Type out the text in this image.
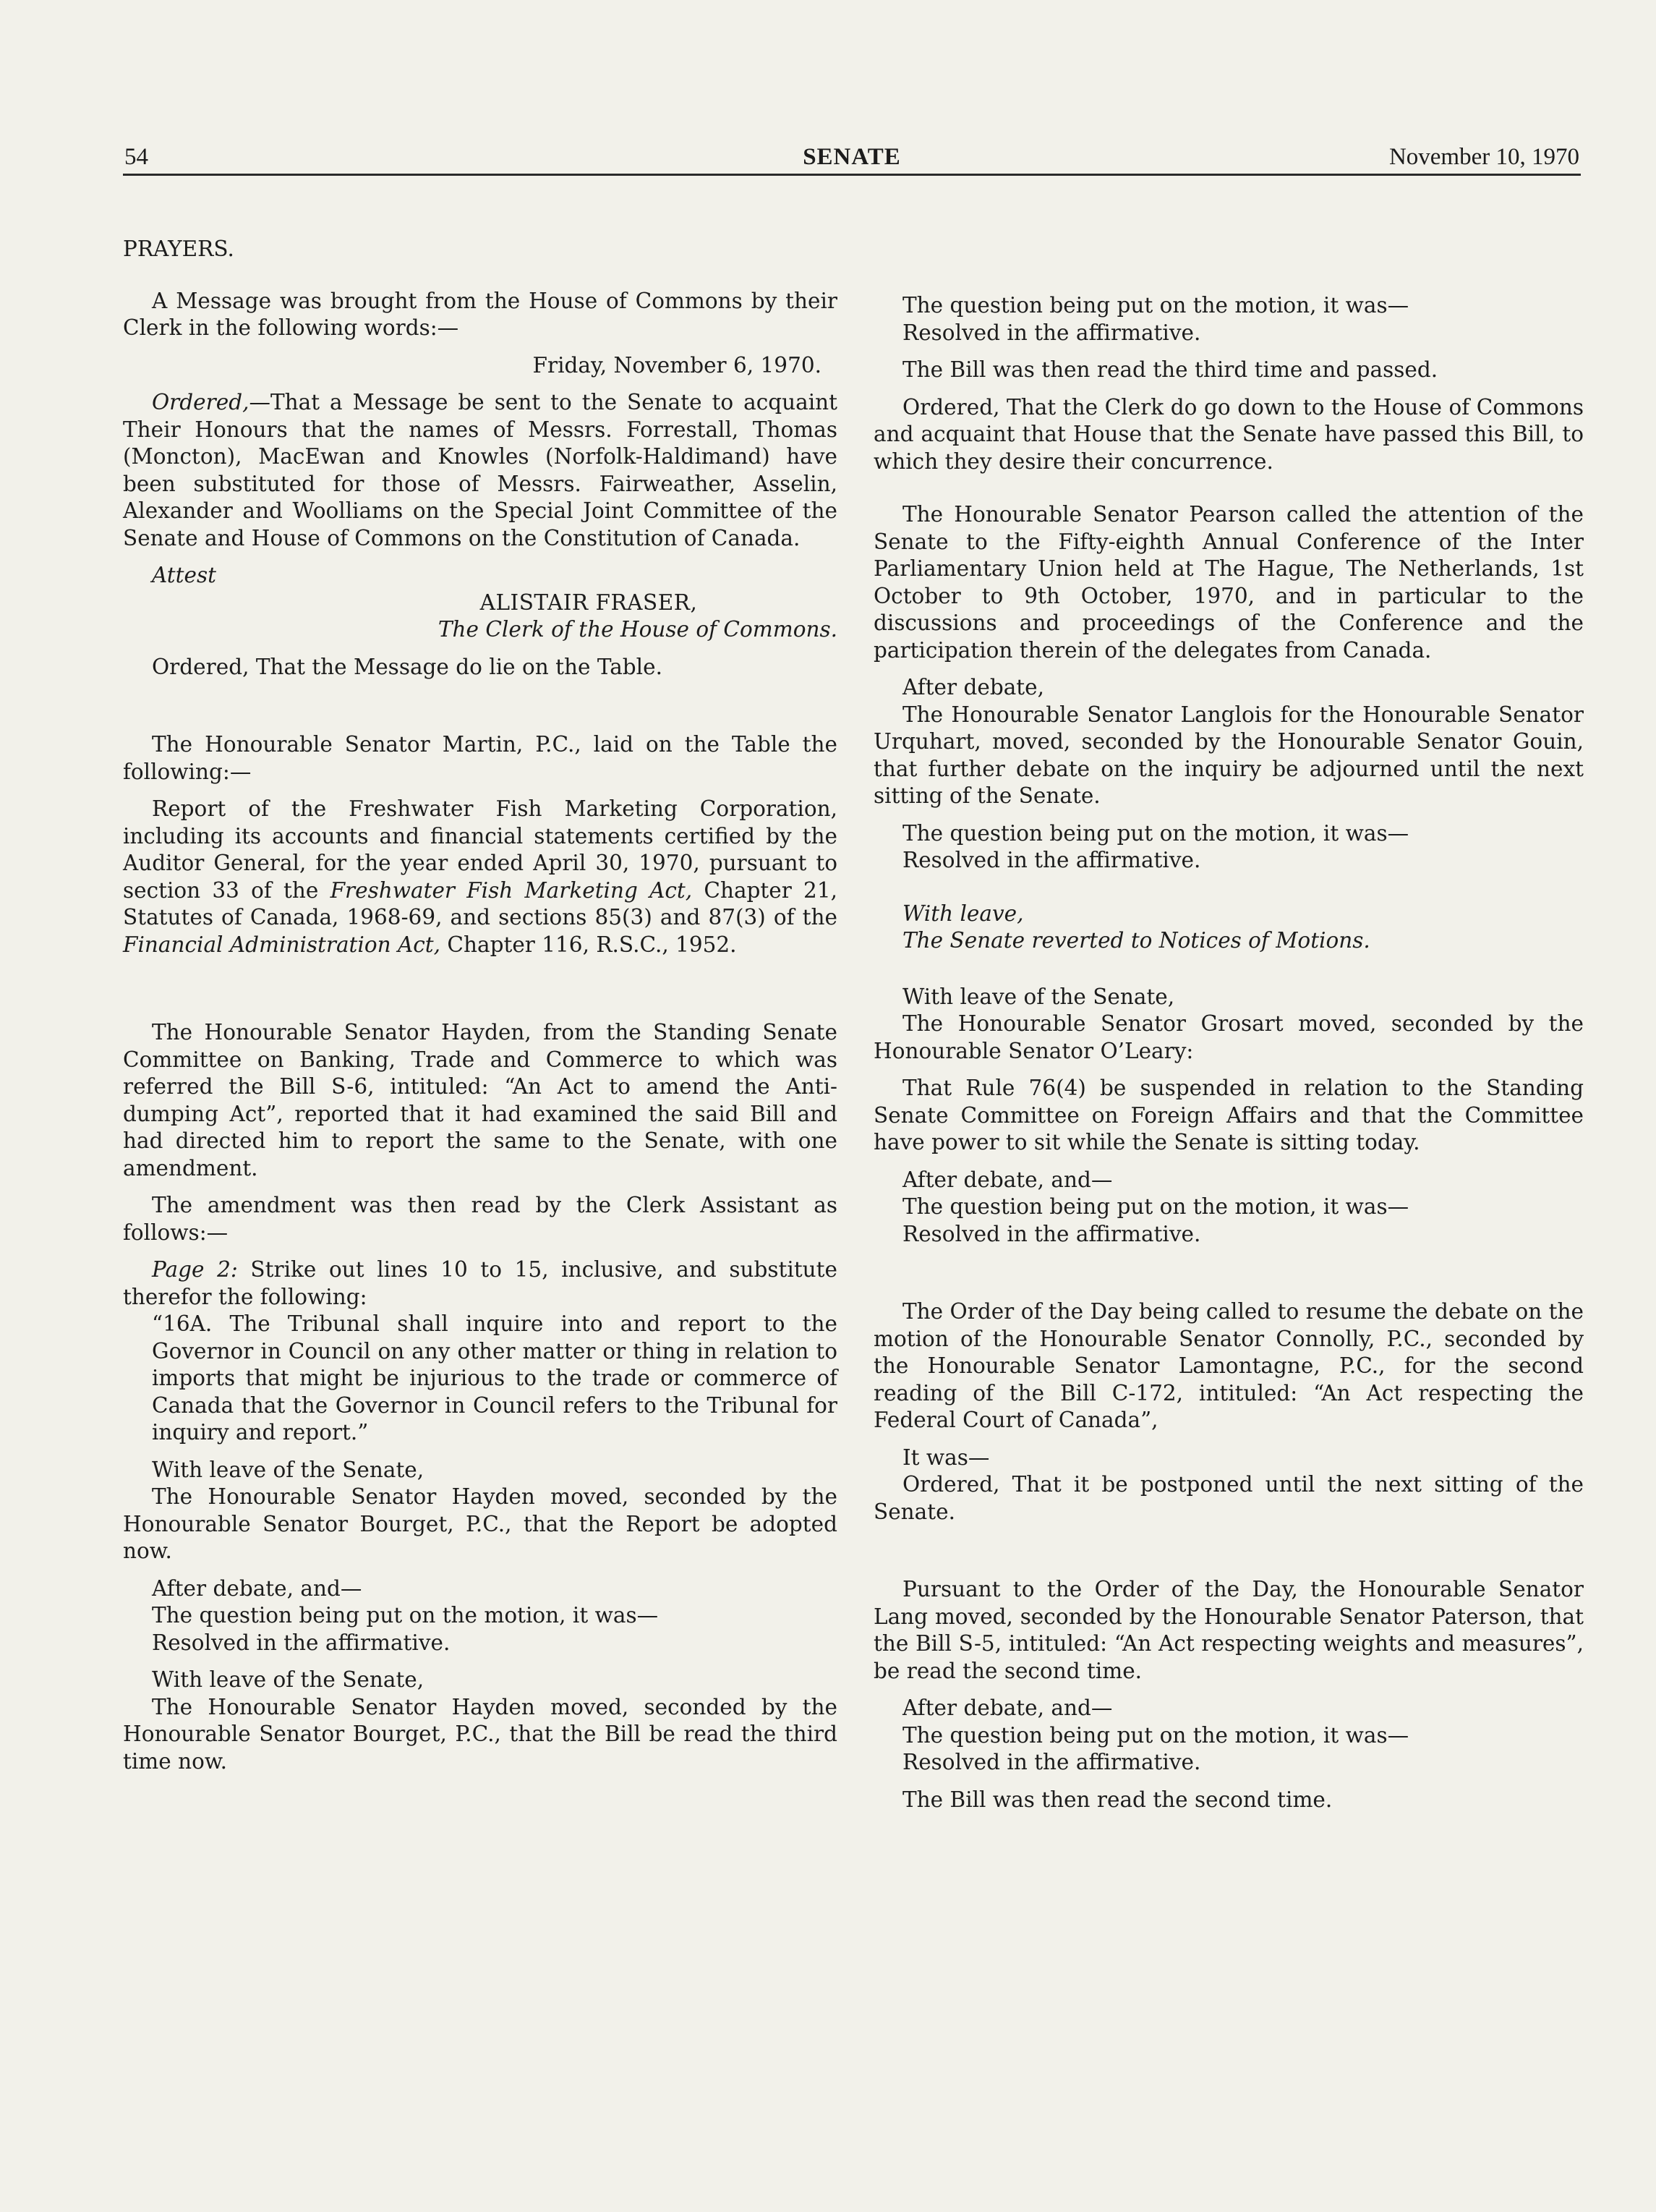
54	SENATE	November 10, 1970

PRAYERS.

A Message was brought from the House of Commons by their Clerk in the following words:—

Friday, November 6, 1970.

Ordered,—That a Message be sent to the Senate to acquaint Their Honours that the names of Messrs. Forrestall, Thomas (Moncton), MacEwan and Knowles (Norfolk-Haldimand) have been substituted for those of Messrs. Fairweather, Asselin, Alexander and Woolliams on the Special Joint Committee of the Senate and House of Commons on the Constitution of Canada.

Attest

ALISTAIR FRASER,

The Clerk of the House of Commons.

Ordered, That the Message do lie on the Table.

The Honourable Senator Martin, P.C., laid on the Table the following:—

Report of the Freshwater Fish Marketing Corporation, including its accounts and financial statements certified by the Auditor General, for the year ended April 30, 1970, pursuant to section 33 of the Freshwater Fish Marketing Act, Chapter 21, Statutes of Canada, 1968-69, and sections 85(3) and 87(3) of the Financial Administration Act, Chapter 116, R.S.C., 1952.

The Honourable Senator Hayden, from the Standing Senate Committee on Banking, Trade and Commerce to which was referred the Bill S-6, intituled: “An Act to amend the Anti-dumping Act”, reported that it had examined the said Bill and had directed him to report the same to the Senate, with one amendment.

The amendment was then read by the Clerk Assistant as follows:—

Page 2: Strike out lines 10 to 15, inclusive, and substitute therefor the following:

“16A. The Tribunal shall inquire into and report to the Governor in Council on any other matter or thing in relation to imports that might be injurious to the trade or commerce of Canada that the Governor in Council refers to the Tribunal for inquiry and report.”

With leave of the Senate,

The Honourable Senator Hayden moved, seconded by the Honourable Senator Bourget, P.C., that the Report be adopted now.

After debate, and—

The question being put on the motion, it was—

Resolved in the affirmative.

With leave of the Senate,

The Honourable Senator Hayden moved, seconded by the Honourable Senator Bourget, P.C., that the Bill be read the third time now.

The question being put on the motion, it was—

Resolved in the affirmative.

The Bill was then read the third time and passed.

Ordered, That the Clerk do go down to the House of Commons and acquaint that House that the Senate have passed this Bill, to which they desire their concurrence.

The Honourable Senator Pearson called the attention of the Senate to the Fifty-eighth Annual Conference of the Inter Parliamentary Union held at The Hague, The Netherlands, 1st October to 9th October, 1970, and in particular to the discussions and proceedings of the Conference and the participation therein of the delegates from Canada.

After debate,

The Honourable Senator Langlois for the Honourable Senator Urquhart, moved, seconded by the Honourable Senator Gouin, that further debate on the inquiry be adjourned until the next sitting of the Senate.

The question being put on the motion, it was—

Resolved in the affirmative.

With leave,

The Senate reverted to Notices of Motions.

With leave of the Senate,

The Honourable Senator Grosart moved, seconded by the Honourable Senator O’Leary:

That Rule 76(4) be suspended in relation to the Standing Senate Committee on Foreign Affairs and that the Committee have power to sit while the Senate is sitting today.

After debate, and—

The question being put on the motion, it was—

Resolved in the affirmative.

The Order of the Day being called to resume the debate on the motion of the Honourable Senator Connolly, P.C., seconded by the Honourable Senator Lamontagne, P.C., for the second reading of the Bill C-172, intituled: “An Act respecting the Federal Court of Canada”,

It was—

Ordered, That it be postponed until the next sitting of the Senate.

Pursuant to the Order of the Day, the Honourable Senator Lang moved, seconded by the Honourable Senator Paterson, that the Bill S-5, intituled: “An Act respecting weights and measures”, be read the second time.

After debate, and—

The question being put on the motion, it was—

Resolved in the affirmative.

The Bill was then read the second time.
